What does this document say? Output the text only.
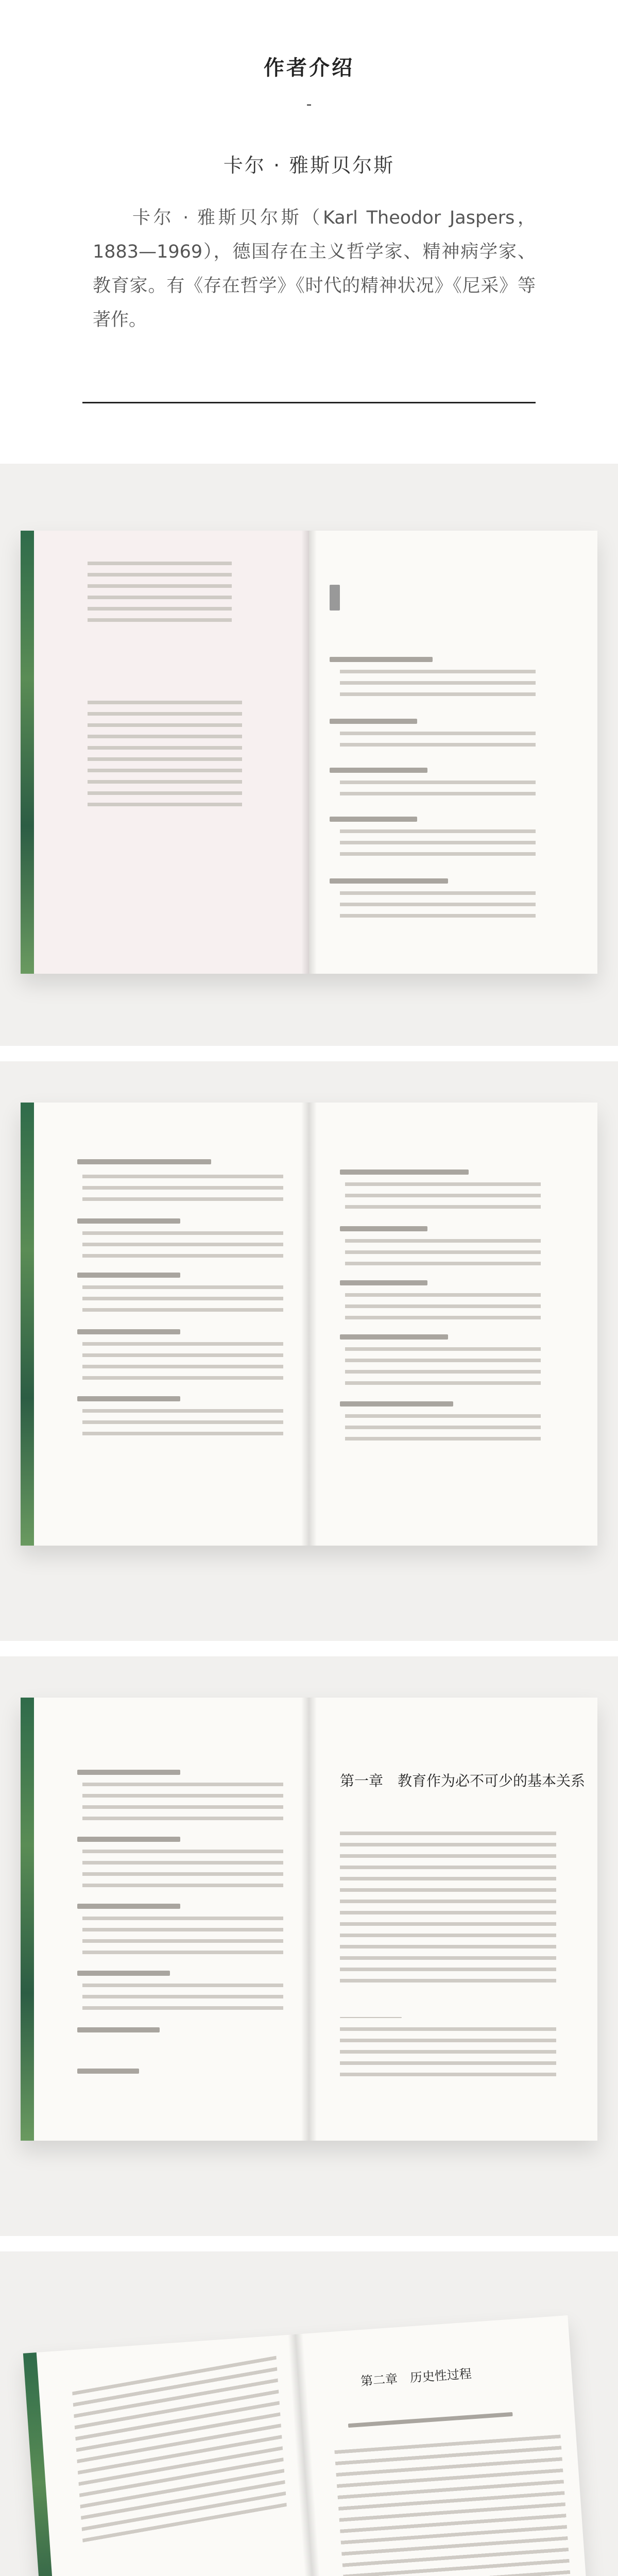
作者介绍
-
卡尔 · 雅斯贝尔斯
卡尔 · 雅斯贝尔斯（Karl Theodor Jaspers，1883—1969），德国存在主义哲学家、精神病学家、教育家。有《存在哲学》《时代的精神状况》《尼采》等著作。
第一章　教育作为必不可少的基本关系
第二章　历史性过程
